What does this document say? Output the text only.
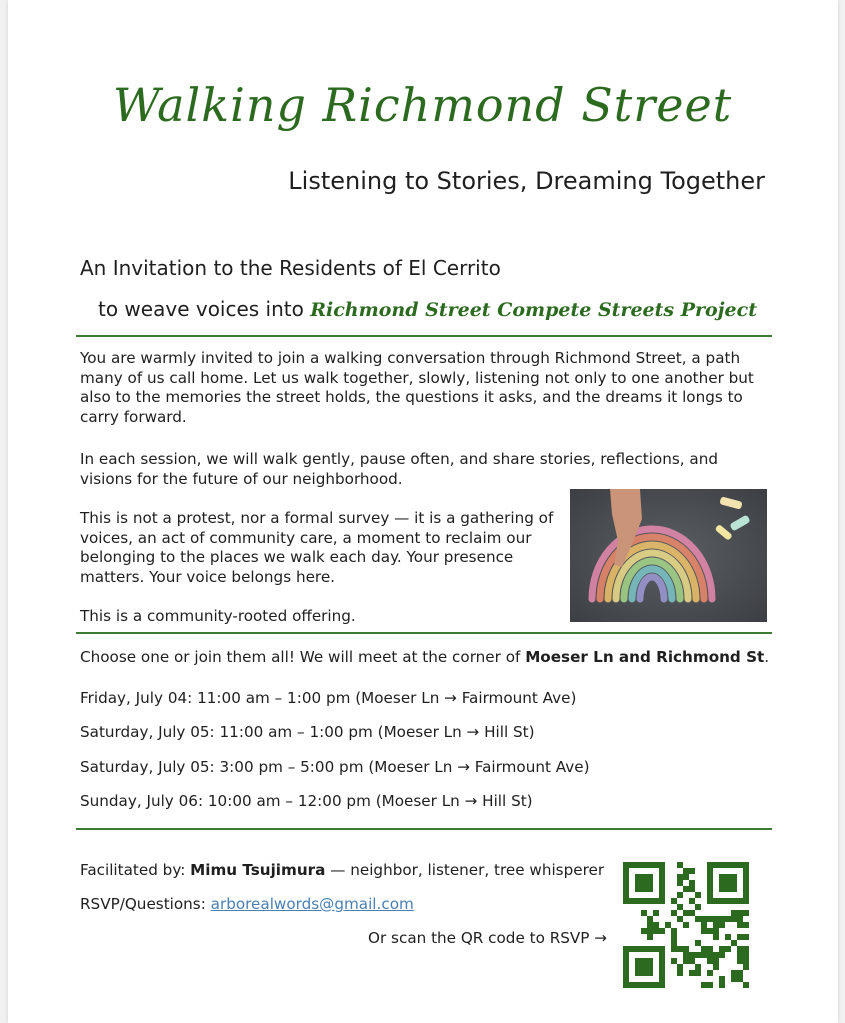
Walking Richmond Street
Listening to Stories, Dreaming Together
An Invitation to the Residents of El Cerrito
to weave voices into Richmond Street Compete Streets Project
You are warmly invited to join a walking conversation through Richmond Street, a path many of us call home. Let us walk together, slowly, listening not only to one another but also to the memories the street holds, the questions it asks, and the dreams it longs to carry forward.
In each session, we will walk gently, pause often, and share stories, reflections, and visions for the future of our neighborhood.
This is not a protest, nor a formal survey — it is a gathering of voices, an act of community care, a moment to reclaim our belonging to the places we walk each day. Your presence matters. Your voice belongs here.
This is a community-rooted offering.
Choose one or join them all! We will meet at the corner of Moeser Ln and Richmond St.
Friday, July 04: 11:00 am – 1:00 pm (Moeser Ln → Fairmount Ave)
Saturday, July 05: 11:00 am – 1:00 pm (Moeser Ln → Hill St)
Saturday, July 05: 3:00 pm – 5:00 pm (Moeser Ln → Fairmount Ave)
Sunday, July 06: 10:00 am – 12:00 pm (Moeser Ln → Hill St)
Facilitated by: Mimu Tsujimura — neighbor, listener, tree whisperer
RSVP/Questions: arborealwords@gmail.com
Or scan the QR code to RSVP →
